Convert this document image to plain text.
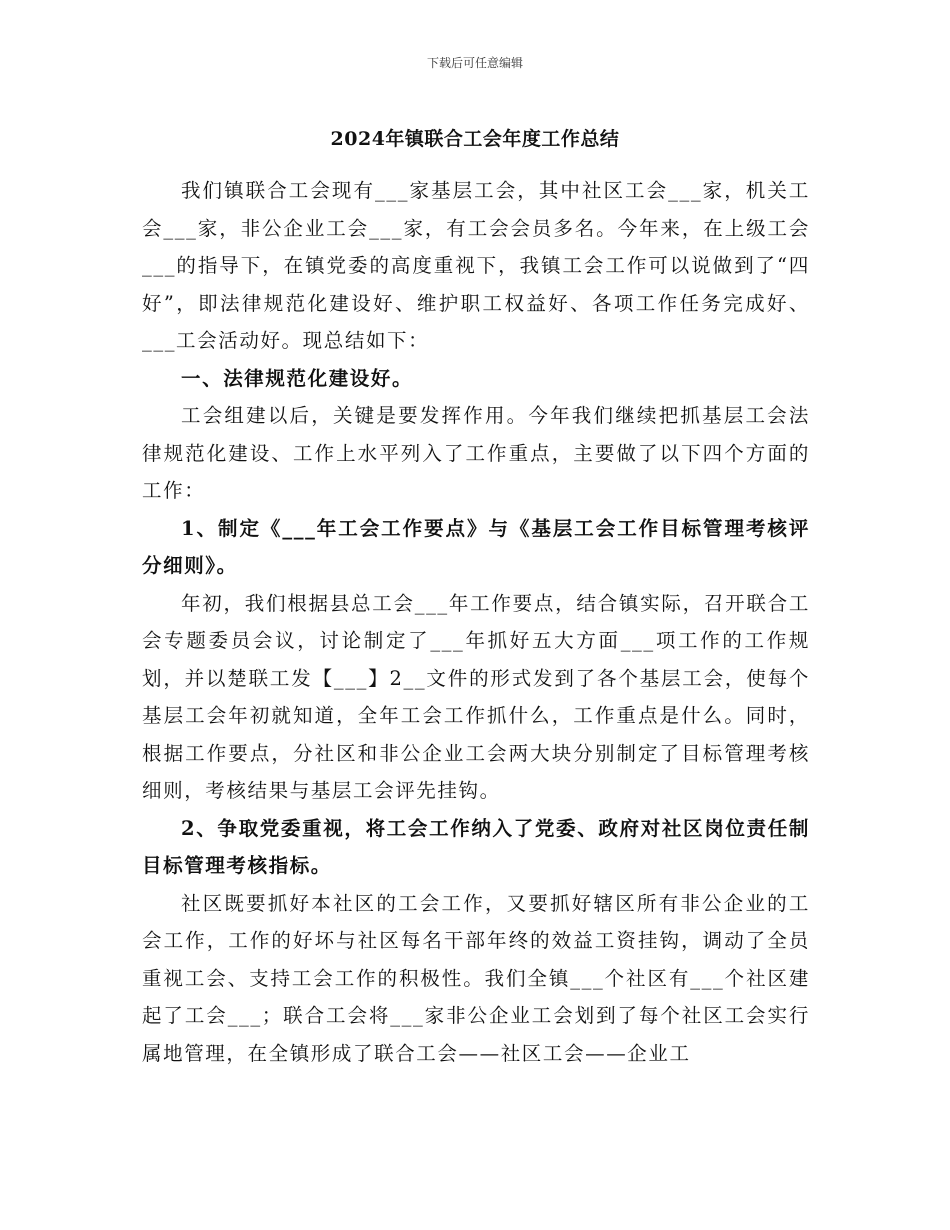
下载后可任意编辑
2024年镇联合工会年度工作总结

我们镇联合工会现有___家基层工会，其中社区工会___家，机关工会___家，非公企业工会___家，有工会会员多名。今年来，在上级工会___的指导下，在镇党委的高度重视下，我镇工会工作可以说做到了“四好”，即法律规范化建设好、维护职工权益好、各项工作任务完成好、___工会活动好。现总结如下：

一、法律规范化建设好。

工会组建以后，关键是要发挥作用。今年我们继续把抓基层工会法律规范化建设、工作上水平列入了工作重点，主要做了以下四个方面的工作：

1、制定《___年工会工作要点》与《基层工会工作目标管理考核评分细则》。

年初，我们根据县总工会___年工作要点，结合镇实际，召开联合工会专题委员会议，讨论制定了___年抓好五大方面___项工作的工作规划，并以楚联工发【___】2__文件的形式发到了各个基层工会，使每个基层工会年初就知道，全年工会工作抓什么，工作重点是什么。同时，根据工作要点，分社区和非公企业工会两大块分别制定了目标管理考核细则，考核结果与基层工会评先挂钩。

2、争取党委重视，将工会工作纳入了党委、政府对社区岗位责任制目标管理考核指标。

社区既要抓好本社区的工会工作，又要抓好辖区所有非公企业的工会工作，工作的好坏与社区每名干部年终的效益工资挂钩，调动了全员重视工会、支持工会工作的积极性。我们全镇___个社区有___个社区建起了工会___；联合工会将___家非公企业工会划到了每个社区工会实行属地管理，在全镇形成了联合工会——社区工会——企业工
